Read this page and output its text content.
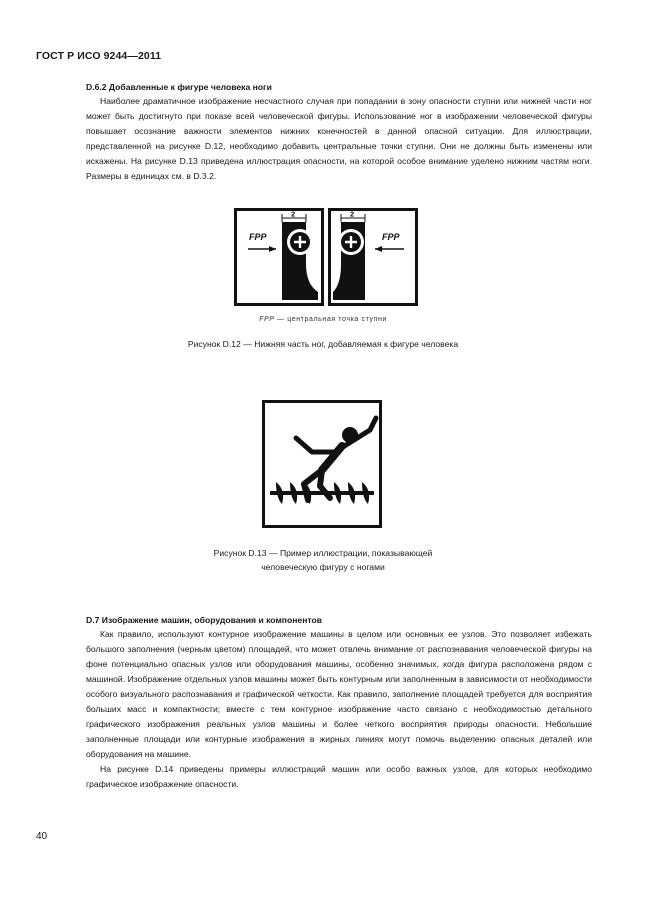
ГОСТ Р ИСО 9244—2011
D.6.2 Добавленные к фигуре человека ноги

Наиболее драматичное изображение несчастного случая при попадании в зону опасности ступни или нижней части ног может быть достигнуто при показе всей человеческой фигуры. Использование ног в изображении человеческой фигуры повышает осознание важности элементов нижних конечностей в данной опасной ситуации. Для иллюстрации, представленной на рисунке D.12, необходимо добавить центральные точки ступни. Они не должны быть изменены или искажены. На рисунке D.13 приведена иллюстрация опасности, на которой особое внимание уделено нижним частям ноги. Размеры в единицах см. в D.3.2.

FPP
2
FPP
2
FPP — центральная точка ступни
Рисунок D.12 — Нижняя часть ног, добавляемая к фигуре человека
Рисунок D.13 — Пример иллюстрации, показывающей
человеческую фигуру с ногами
D.7 Изображение машин, оборудования и компонентов

Как правило, используют контурное изображение машины в целом или основных ее узлов. Это позволяет избежать большого заполнения (черным цветом) площадей, что может отвлечь внимание от распознавания человеческой фигуры на фоне потенциально опасных узлов или оборудования машины, особенно значимых, когда фигура расположена рядом с машиной. Изображение отдельных узлов машины может быть контурным или заполненным в зависимости от необходимости особого визуального распознавания и графической четкости. Как правило, заполнение площадей требуется для восприятия больших масс и компактности; вместе с тем контурное изображение часто связано с необходимостью детального графического изображения реальных узлов машины и более четкого восприятия природы опасности. Небольшие заполненные площади или контурные изображения в жирных линиях могут помочь выделению опасных деталей или оборудования на машине.

На рисунке D.14 приведены примеры иллюстраций машин или особо важных узлов, для которых необходимо графическое изображение опасности.

40
